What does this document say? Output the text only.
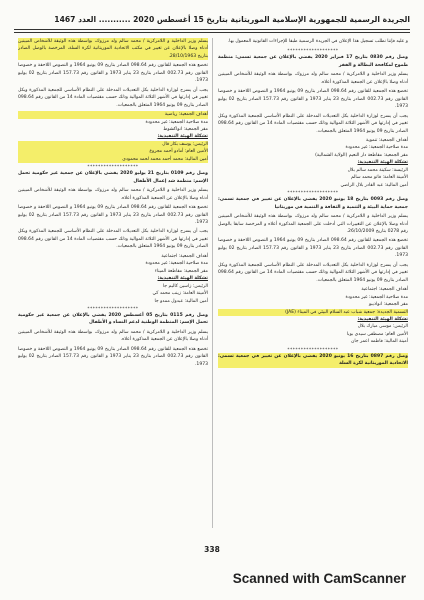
الجريدة الرسمية للجمهورية الإسلامية الموريتانية بتاريخ 15 أغسطس 2020 ........... العدد 1467

و عليه فإننا نطلب تسجيل هذا الإعلان في الجريدة الرسمية طبقا للإجراءات القانونية المعمول بها.

*******************

وصل رقم 0830 بتاريخ 17 فبراير 2020 يقضي بالإعلان عن جمعية تسمى: منظمة طموح لمكافحة البطالة و الفقر

يسلم وزير الداخلية و اللامركزية / محمد سالم ولد مرزوك، بواسطة هذه الوثيقة للأشخاص المبينين أدناه وصلا بالإعلان عن الجمعية المذكورة أعلاه.

تخضع هذه الجمعية للقانون رقم 098.64 الصادر بتاريخ 09 يونيو 1964 و النصوص اللاحقة و خصوصا القانون رقم 002.73 الصادر بتاريخ 23 يناير 1973 و القانون رقم 157.73 الصادر بتاريخ 02 يوليو 1973.

يجب أن يسرح لوزارة الداخلية بكل التعديلات المدخلة على النظام الأساسي للجمعية المذكورة وبكل تغيير في إدارتها في الأشهر الثلاثة الموالية وذلك حسب مقتضيات المادة 14 من القانون رقم 098.64 الصادر بتاريخ 09 يونيو 1964 المتعلق بالجمعيات.

أهداف الجمعية: تنموية

مدة صلاحية الجمعية: غير محدودة

مقر الجمعية: مقاطعة دار النعيم (الولاية الشمالية)

تشكلة الهيئة التنفيذية:

الرئيسة: سكينة محمد سالم بلال

الأمينة العامة: فاتو محمد سالم

أمين المالية: عبد القادر بلال الراضي

*******************

وصل رقم 0093 بتاريخ 18 يونيو 2020 يقضي بالإعلان عن تغيير في جمعية تسمى: جمعية حماية البيئة و التنمية و الثقافة و التنمية في موريتانيا

يسلم وزير الداخلية و اللامركزية / محمد سالم ولد مرزوك، بواسطة هذه الوثيقة للأشخاص المبينين أدناه وصلا بالإعلان عن التغييرات التي أدخلت على الجمعية المذكورة أعلاه و المرخصة سابقا بالوصل رقم 0278 بتاريخ 26/10/2009.

تخضع هذه الجمعية للقانون رقم 098.64 الصادر بتاريخ 09 يونيو 1964 و النصوص اللاحقة و خصوصا القانون رقم 002.73 الصادر بتاريخ 23 يناير 1973 و القانون رقم 157.73 الصادر بتاريخ 02 يوليو 1973.

يجب أن يسرح لوزارة الداخلية بكل التعديلات المدخلة على النظام الأساسي للجمعية المذكورة وبكل تغيير في إدارتها في الأشهر الثلاثة الموالية وذلك حسب مقتضيات المادة 14 من القانون رقم 098.64 الصادر بتاريخ 09 يونيو 1964 المتعلق بالجمعيات.

أهداف الجمعية: اجتماعية

مدة صلاحية الجمعية: غير محدودة

مقر الجمعية: انواذيبو

التسمية الجديدة: جمعية شباب عبد السلام البيئي في الميناء (JAE)

تشكلة الهيئة التنفيذية:

الرئيس: موسى مبارك بلال

الأمين العام: مصطفى سيدي بوبا

أمينة المالية: فاطمه اعمر جان

*******************

وصل رقم 0897 بتاريخ 16 يونيو 2020 يقضي بالإعلان عن تغيير في جمعية تسمى: الاتحادية الموريتانية لكرة السلة

يسلم وزير الداخلية و اللامركزية / محمد سالم ولد مرزوك، بواسطة هذه الوثيقة للأشخاص المبينين أدناه وصلا بالإعلان عن تغيير في مكتب الاتحادية الموريتانية لكرة السلة، المرخصة بالوصل الصادر بتاريخ 28/10/1963.

تخضع هذه الجمعية للقانون رقم 098.64 الصادر بتاريخ 09 يونيو 1964 و النصوص اللاحقة و خصوصا القانون رقم 002.73 الصادر بتاريخ 23 يناير 1973 و القانون رقم 157.73 الصادر بتاريخ 02 يوليو 1973.

يجب أن يسرح لوزارة الداخلية بكل التعديلات المدخلة على النظام الأساسي للجمعية المذكورة وبكل تغيير في إدارتها في الأشهر الثلاثة الموالية وذلك حسب مقتضيات المادة 14 من القانون رقم 098.64 الصادر بتاريخ 09 يونيو 1964 المتعلق بالجمعيات.

أهداف الجمعية: رياضية

مدة صلاحية الجمعية: غير محدودة

مقر الجمعية: انواكشوط

تشكلة الهيئة التنفيذية:

الرئيس: يوسف بكار قال

الأمين العام: أمادو أحمد مجروع

أمين المالية: محمد أحمد محمد لحمد محمودي

*******************

وصل رقم 0109 بتاريخ 21 يوليو 2020 يقضي بالإعلان عن جمعية غير حكومية تحمل الإسم: منظمة شد إعمال الأطفال

يسلم وزير الداخلية و اللامركزية / محمد سالم ولد مرزوك، بواسطة هذه الوثيقة للأشخاص المبينين أدناه وصلا بالإعلان عن الجمعية المذكورة أعلاه.

تخضع هذه الجمعية للقانون رقم 098.64 الصادر بتاريخ 09 يونيو 1964 و النصوص اللاحقة و خصوصا القانون رقم 002.73 الصادر بتاريخ 23 يناير 1973 و القانون رقم 157.73 الصادر بتاريخ 02 يوليو 1973.

يجب أن يسرح لوزارة الداخلية بكل التعديلات المدخلة على النظام الأساسي للجمعية المذكورة وبكل تغيير في إدارتها في الأشهر الثلاثة الموالية وذلك حسب مقتضيات المادة 14 من القانون رقم 098.64 الصادر بتاريخ 09 يونيو 1964 المتعلق بالجمعيات.

أهداف الجمعية: اجتماعية

مدة صلاحية الجمعية: غير محدودة

مقر الجمعية: مقاطعة الميناء

تشكلة الهيئة التنفيذية:

الرئيس: زاسين كاليم جا

الأمينة العامة: زينب محمد كي

أمين المالية: عبدول ممدو جا

*******************

وصل رقم 0115 بتاريخ 05 أغسطس 2020 يقضي بالإعلان عن جمعية غير حكومية تحمل الإسم: المنظمة الوطنية لدعم النساء و الأطفال

يسلم وزير الداخلية و اللامركزية / محمد سالم ولد مرزوك، بواسطة هذه الوثيقة للأشخاص المبينين أدناه وصلا بالإعلان عن الجمعية المذكورة أعلاه.

تخضع هذه الجمعية للقانون رقم 098.64 الصادر بتاريخ 09 يونيو 1964 و النصوص اللاحقة و خصوصا القانون رقم 002.73 الصادر بتاريخ 23 يناير 1973 و القانون رقم 157.73 الصادر بتاريخ 02 يوليو 1973.

338
Scanned with CamScanner
